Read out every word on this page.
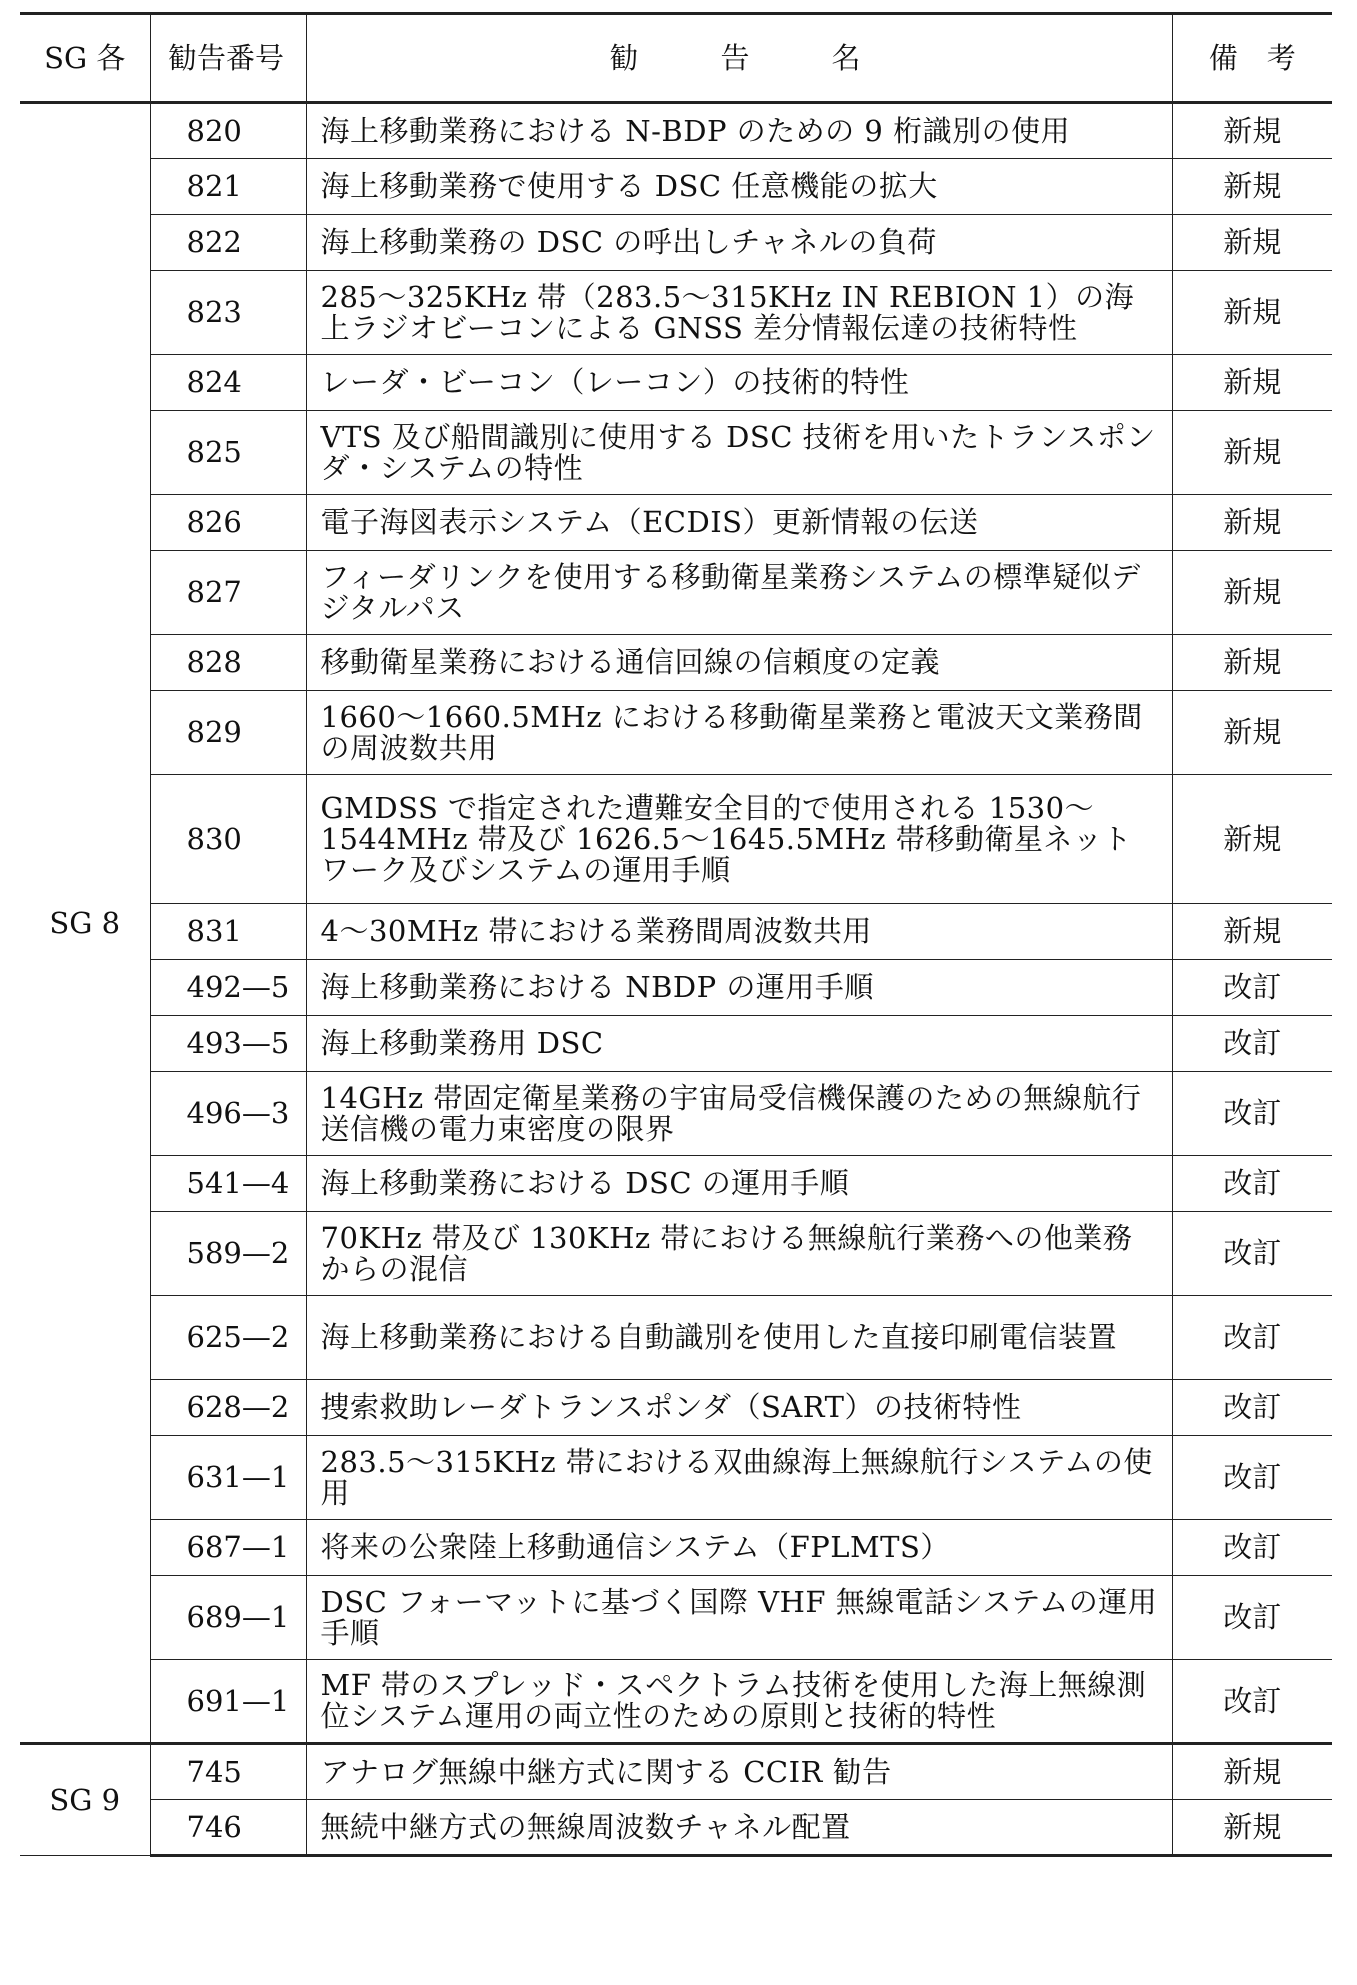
SG 各	勧告番号	勧　　告　　名	備　考
SG 8	820	海上移動業務における N-BDP のための 9 桁識別の使用	新規
	821	海上移動業務で使用する DSC 任意機能の拡大	新規
	822	海上移動業務の DSC の呼出しチャネルの負荷	新規
	823	285～325KHz 帯（283.5～315KHz IN REBION 1）の海上ラジオビーコンによる GNSS 差分情報伝達の技術特性	新規
	824	レーダ・ビーコン（レーコン）の技術的特性	新規
	825	VTS 及び船間識別に使用する DSC 技術を用いたトランスポンダ・システムの特性	新規
	826	電子海図表示システム（ECDIS）更新情報の伝送	新規
	827	フィーダリンクを使用する移動衛星業務システムの標準疑似デジタルパス	新規
	828	移動衛星業務における通信回線の信頼度の定義	新規
	829	1660～1660.5MHz における移動衛星業務と電波天文業務間の周波数共用	新規
	830	GMDSS で指定された遭難安全目的で使用される 1530～1544MHz 帯及び 1626.5～1645.5MHz 帯移動衛星ネットワーク及びシステムの運用手順	新規
	831	4～30MHz 帯における業務間周波数共用	新規
	492—5	海上移動業務における NBDP の運用手順	改訂
	493—5	海上移動業務用 DSC	改訂
	496—3	14GHz 帯固定衛星業務の宇宙局受信機保護のための無線航行送信機の電力束密度の限界	改訂
	541—4	海上移動業務における DSC の運用手順	改訂
	589—2	70KHz 帯及び 130KHz 帯における無線航行業務への他業務からの混信	改訂
	625—2	海上移動業務における自動識別を使用した直接印刷電信装置	改訂
	628—2	捜索救助レーダトランスポンダ（SART）の技術特性	改訂
	631—1	283.5～315KHz 帯における双曲線海上無線航行システムの使用	改訂
	687—1	将来の公衆陸上移動通信システム（FPLMTS）	改訂
	689—1	DSC フォーマットに基づく国際 VHF 無線電話システムの運用手順	改訂
	691—1	MF 帯のスプレッド・スペクトラム技術を使用した海上無線測位システム運用の両立性のための原則と技術的特性	改訂
SG 9	745	アナログ無線中継方式に関する CCIR 勧告	新規
	746	無続中継方式の無線周波数チャネル配置	新規
